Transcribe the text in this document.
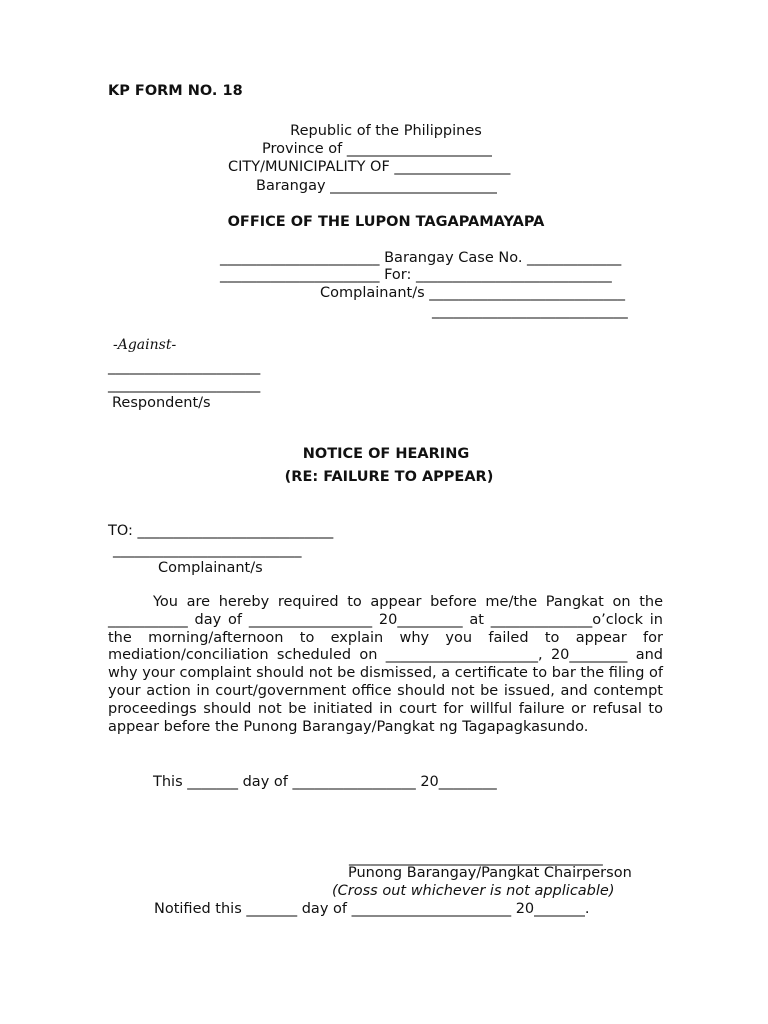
KP FORM NO. 18
Republic of the Philippines
Province of ____________________
CITY/MUNICIPALITY OF ________________
Barangay _______________________
OFFICE OF THE LUPON TAGAPAMAYAPA
______________________ Barangay Case No. _____________
______________________ For: ___________________________
Complainant/s ___________________________
___________________________
-Against-
_____________________
_____________________
Respondent/s
NOTICE OF HEARING
(RE: FAILURE TO APPEAR)
TO: ___________________________
__________________________
Complainant/s

You are hereby required to appear before me/the Pangkat on the ___________ day of _________________ 20_________ at ______________o’clock in the morning/afternoon to explain why you failed to appear for mediation/conciliation scheduled on _____________________, 20________ and why your complaint should not be dismissed, a certificate to bar the filing of your action in court/government office should not be issued, and contempt proceedings should not be initiated in court for willful failure or refusal to appear before the Punong Barangay/Pangkat ng Tagapagkasundo.

This _______ day of _________________ 20________
___________________________________
Punong Barangay/Pangkat Chairperson
(Cross out whichever is not applicable)
Notified this _______ day of ______________________ 20_______.
